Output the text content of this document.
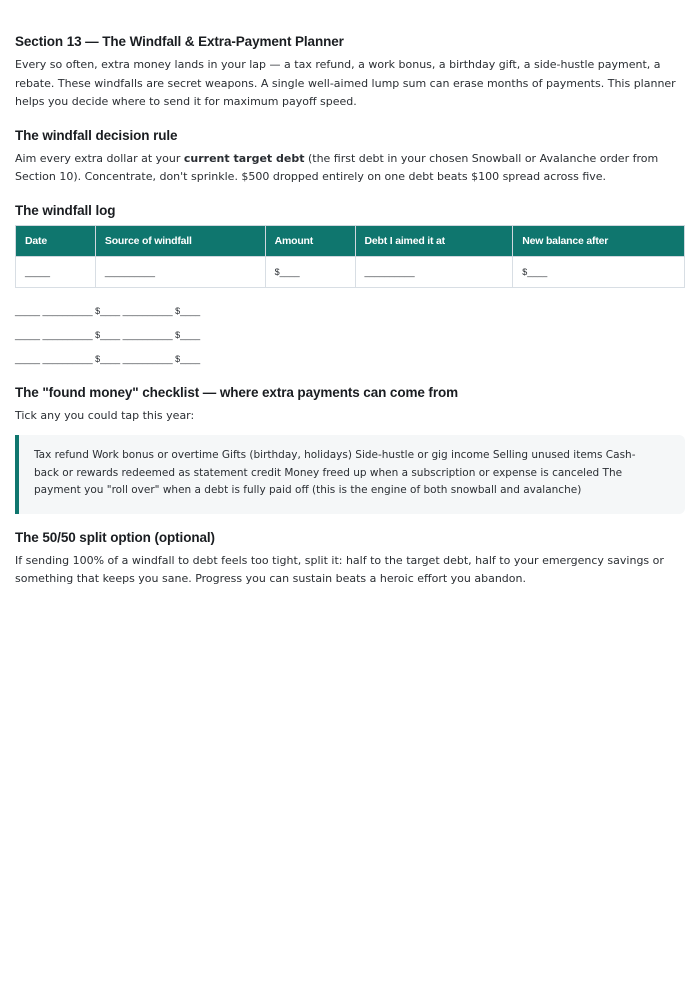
Section 13 — The Windfall & Extra-Payment Planner

Every so often, extra money lands in your lap — a tax refund, a work bonus, a birthday gift, a side-hustle payment, a rebate. These windfalls are secret weapons. A single well-aimed lump sum can erase months of payments. This planner helps you decide where to send it for maximum payoff speed.

The windfall decision rule

Aim every extra dollar at your current target debt (the first debt in your chosen Snowball or Avalanche order from Section 10). Concentrate, don't sprinkle. $500 dropped entirely on one debt beats $100 spread across five.

The windfall log
Date	Source of windfall	Amount	Debt I aimed it at	New balance after
_____	__________	$____	__________	$____
_____ __________ $____ __________ $____
_____ __________ $____ __________ $____
_____ __________ $____ __________ $____
The "found money" checklist — where extra payments can come from

Tick any you could tap this year:

Tax refund Work bonus or overtime Gifts (birthday, holidays) Side-hustle or gig income Selling unused items Cash-back or rewards redeemed as statement credit Money freed up when a subscription or expense is canceled The payment you "roll over" when a debt is fully paid off (this is the engine of both snowball and avalanche)

The 50/50 split option (optional)

If sending 100% of a windfall to debt feels too tight, split it: half to the target debt, half to your emergency savings or something that keeps you sane. Progress you can sustain beats a heroic effort you abandon.
